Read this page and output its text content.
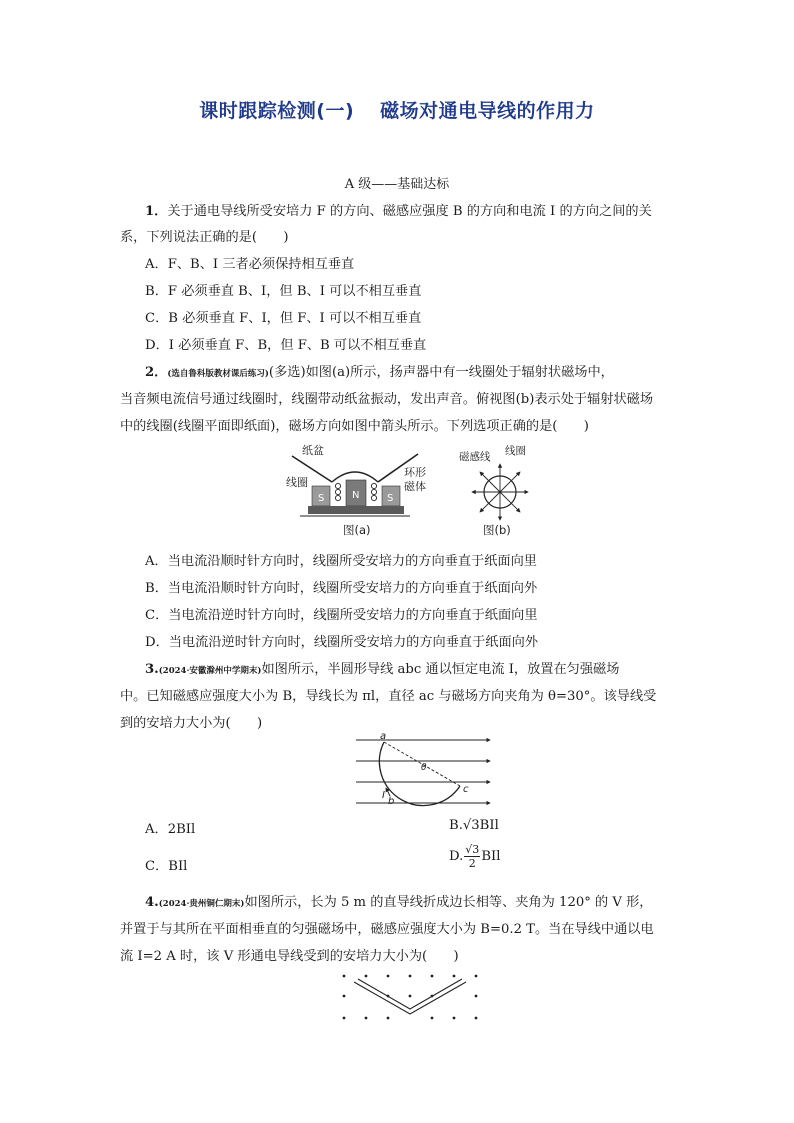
课时跟踪检测(一) 磁场对通电导线的作用力
A 级——基础达标
1．关于通电导线所受安培力 F 的方向、磁感应强度 B 的方向和电流 I 的方向之间的关
系，下列说法正确的是(　　)
A．F、B、I 三者必须保持相互垂直
B．F 必须垂直 B、I，但 B、I 可以不相互垂直
C．B 必须垂直 F、I，但 F、I 可以不相互垂直
D．I 必须垂直 F、B，但 F、B 可以不相互垂直
2．(选自鲁科版教材课后练习)(多选)如图(a)所示，扬声器中有一线圈处于辐射状磁场中，
当音频电流信号通过线圈时，线圈带动纸盆振动，发出声音。俯视图(b)表示处于辐射状磁场
中的线圈(线圈平面即纸面)，磁场方向如图中箭头所示。下列选项正确的是(　　)
S	N	S
纸盆
线圈
环形
磁体
图(a)
磁感线 线圈
图(b)
A．当电流沿顺时针方向时，线圈所受安培力的方向垂直于纸面向里
B．当电流沿顺时针方向时，线圈所受安培力的方向垂直于纸面向外
C．当电流沿逆时针方向时，线圈所受安培力的方向垂直于纸面向里
D．当电流沿逆时针方向时，线圈所受安培力的方向垂直于纸面向外
3.(2024·安徽滁州中学期末)如图所示，半圆形导线 abc 通以恒定电流 I，放置在匀强磁场
中。已知磁感应强度大小为 B，导线长为 πl，直径 ac 与磁场方向夹角为 θ=30°。该导线受
到的安培力大小为(　　)
a
c
b
I
θ
A．2BIl	B.√3BIl
C．BIl
D. $\frac{√3}{2}$ BIl
4.(2024·贵州铜仁期末)如图所示，长为 5 m 的直导线折成边长相等、夹角为 120° 的 V 形，
并置于与其所在平面相垂直的匀强磁场中，磁感应强度大小为 B=0.2 T。当在导线中通以电
流 I=2 A 时，该 V 形通电导线受到的安培力大小为(　　)
